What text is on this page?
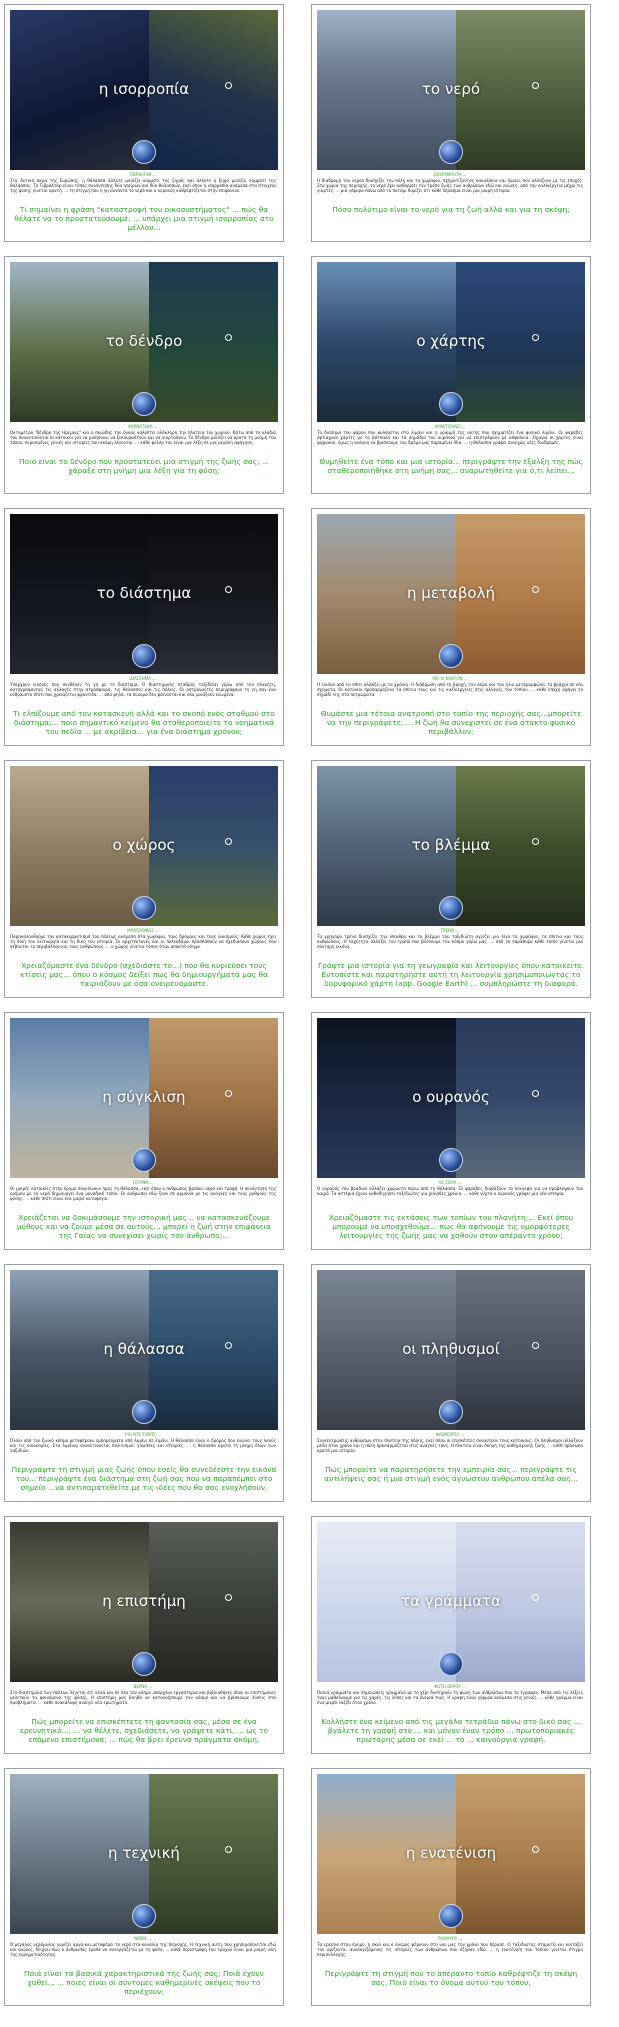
η ισορροπία
ΓΙΒΡΑΛΤΑΡ ...
Στα δυτικά άκρα της Ευρώπης, η θάλασσα άλλοτε μοιάζει κομμάτι της ξηράς και άλλοτε η ξηρά μοιάζει κομμάτι της θάλασσας. Το Γιβραλτάρ είναι τόπος συνάντησης δύο ηπείρων και δύο θαλασσών, εκεί όπου η ισορροπία ανάμεσα στα στοιχεία της φύσης γίνεται ορατή. ... τη στιγμή που η γη συναντά το νερό και ο ουρανός καθρεφτίζεται στην επιφάνεια.
Τι σημαίνει η φράση "καταστροφή του οικοσυστήματος" ... πώς θα θέλατε να το προστατεύσουμε; ... υπάρχει μια στιγμή ισορροπίας στο μέλλον...
το νερό
ΣΟΥΡΑΜΠΑΤΑ ...
Η διαδρομή του νερού διασχίζει την πόλη και τα χωράφια, σχηματίζοντας καναλάκια και λίμνες που αλλάζουν με τις εποχές. Στα χωριά της περιοχής, το νερό έχει καθορίσει τον τρόπο ζωής των ανθρώπων εδώ και αιώνες, από την καλλιέργεια μέχρι τις γιορτές. ... μια γέφυρα πάνω από το ποτάμι θυμίζει ότι κάθε πέρασμα είναι μια μικρή ιστορία.
Πόσο πολύτιμο είναι το νερό για τη ζωή αλλά και για τη σκέψη;
το δένδρο
ΚΑΡΝΑΤΑΚΑ ...
Οκταμέτρο "δένδρο της Ηρεμίας" και ο σκιώδης του όγκος καλύπτει ολόκληρη την πλατεία του χωριού. Κάτω από τα κλαδιά του συναντιούνται οι κάτοικοι για να μιλήσουν, να ξεκουραστούν και να γιορτάσουν. Το δένδρο μοιάζει να κρατά τη μνήμη του τόπου, περασμένες γενιές και ιστορίες που ακόμη λέγονται. ... κάθε φύλλο του είναι μια λέξη σε μια μεγάλη αφήγηση.
Ποιο είναι το δένδρο που προστατεύει μια στιγμή της ζωής σας; ... χάραξέ στη μνήμη μια λέξη για τη φύση;
ο χάρτης
ΑΡΦΕΤΙΣΑΝΟ ...
Το διάσημο του φάρου που φυλάγεται στο λιμάνι και η γραμμή της ακτής που σχηματίζει ένα φυσικό λιμάνι. Οι ψαράδες έφτιαχναν χάρτες με τα βότσαλα και τα σημάδια του ουρανού για να επιστρέψουν με ασφάλεια. Σήμερα οι χάρτες είναι ψηφιακοί, όμως η ανάγκη να βρίσκουμε τον δρόμο μας παραμένει ίδια. ... η θάλασσα γράφει συνεχώς νέες διαδρομές.
Θυμηθείτε ένα τόπο και μια ιστορία... περιγράψτε την έξαλξη της πώς σταθεροποιήθηκε στη μνήμη σας... αναρωτηθείτε για ό,τι λείπει...
το διάστημα
ΔΙΑΣΤΗΜΑ ...
Υπάρχουν εικόνες που συνδέουν τη γη με το διάστημα. Ο διαστημικός σταθμός ταξιδεύει γύρω από τον πλανήτη, καταγράφοντας τις αλλαγές στην ατμόσφαιρα, τις θάλασσες και τις πόλεις. Οι αστροναύτες περιγράφουν τη γη σαν ένα εύθραυστο σπίτι που χρειάζεται φροντίδα. ... από ψηλά, τα σύνορα δεν φαίνονται και όλα μοιάζουν ενωμένα.
Τι ελπίζουμε από τον κατασκευή αλλά και το σκοπό ενός σταθμού στο διάστημα;... ποιο σημαντικό κείμενο θα σταθεροποιείτε τα νοηματικά του πεδία ... με ακρίβεια... για ένα διάστημα χρόνου;
η μεταβολή
ΡΙΟ ΛΙ ΚΑΝΤΟΝ ...
Η εικόνα από το σπίτι αλλάζει με τα χρόνια. Η διάβρωση από τη βροχή, τον αέρα και τον ήλιο μεταμορφώνει τα βράχια σε νέα σχήματα. Οι κάτοικοι προσαρμόζουν τα σπίτια τους και τις καλλιέργειες στις αλλαγές του τοπίου. ... κάθε εποχή αφήνει το σημάδι της στα πετρώματα.
Θυμάστε μια τέτοια ανατροπή στο τοπίο της περιοχής σας...μπορείτε να την περιγράψετε; ... Η ζωή θα συνεχιστεί σε ένα άτακτο φυσικό περιβάλλον;
ο χώρος
ΜΑΧΟΡΟΦΩΣ ...
Παρακολουθούμε τον κατακερματισμό του πόλεως ανάμεσα στα χωράφια, τους δρόμους και τους οικισμούς. Κάθε χώρος έχει τη δική του λειτουργία και τη δική του ιστορία. Οι αρχιτέκτονες και οι πολεοδόμοι προσπαθούν να σχεδιάσουν χώρους που σέβονται το περιβάλλον και τους ανθρώπους. ... ο χώρος γίνεται τόπος όταν αποκτά νόημα.
Χρειαζόμαστε ένα δένδρο (σχεδιάστε το...) που θα κυριεύσει τους κτίσεις μας... όπου ο κόσμος δείξει πως θα δημιουργήματά μας θα ταιριάζουν με όσα ονειρευόμαστε.
το βλέμμα
ΤΡΕΝΟ ...
Το γρήγορο τρένο διασχίζει την ύπαιθρο και το βλέμμα του ταξιδιώτη αγγίζει για λίγο τα χωράφια, τα σπίτια και τους ανθρώπους. Η ταχύτητα αλλάζει τον τρόπο που βλέπουμε τον κόσμο γύρω μας. ... από το παράθυρο κάθε τοπίο γίνεται μια σύντομη εικόνα.
Γράψτε μια ιστορία για τη γεωγραφία και λειτουργίες όπου κατοικείτε. Εντοπίστε και παρατηρήστε αυτή τη λειτουργία χρησιμοποιώντας το δορυφορικό χάρτη (app. Google Earth) ... συμπληρώστε τη διαφορά.
η σύγκλιση
ΣΟΥΡΦΑ ...
Οι μικρές κατοικίες στην έρημο συγκλίνουν προς τη θάλασσα, εκεί όπου ο άνθρωπος βρίσκει νερό και τροφή. Η συνάντηση της ερήμου με το νερό δημιουργεί ένα μοναδικό τοπίο. Οι άνθρωποι εδώ ζουν σε αρμονία με τις ανάγκες και τους ρυθμούς της φύσης. ... κάθε σπίτι είναι ένα μικρό καταφύγιο.
Χρειάζεται να δοκιμάσουμε την ιστορική μας... να κατασκευάζουμε μύθους και να ζούμε μέσα σε αυτούς... μπορεί η ζωή στην επιφάνεια της Γαίας να συνεχίσει χωρίς τον άνθρωπο;...
ο ουρανός
ΑΛ ΣΟΛΑ ...
Ο ουρανός του βραδιού αλλάζει χρώματα πάνω από τη θάλασσα. Οι ψαράδες διαβάζουν τα σύννεφα για να προβλέψουν τον καιρό. Τα αστέρια έχουν καθοδηγήσει ταξιδιώτες για χιλιάδες χρόνια. ... κάθε νύχτα ο ουρανός γράφει μια νέα ιστορία.
Χρειαζόμαστε τις εκτάσεις των τοπίων του πλανήτη;... Εκεί όπου μπορούμε να υποσχεθούμε... πως θα αφήνουμε τις ομορφότερες λειτουργίες της ζωής μας να χαθούν στον απέραντο χρόνο;
η θάλασσα
ΡΙΟ ΝΤΕ ΤΟΝΤΕ ...
Πλοία από τον ζωικό κόσμο μεταφέρουν εμπορεύματα από λιμάνι σε λιμάνι. Η θάλασσα είναι ο δρόμος που ενώνει τους λαούς και τις οικονομίες. Στα λιμάνια συναντιούνται πολιτισμοί, γλώσσες και ιστορίες. ... η θάλασσα κρατά τη μνήμη όλων των ταξιδιών.
Περιγράψτε τη στιγμή μιας ζωής όπου εσείς θα συνεδέεστε την εικόνα του... περιγράψτε ένα διάστημα στη ζωή σας που να παραπέμπει στο σημείο ...να αντιπαρατεθείτε με τις ιδέες που θα σας ενοχλήσουν.
οι πληθυσμοί
ΦΛΩΡΕΝΤΙΑ ...
Συγκεντρώσεις ανθρώπων στην πλατεία της πόλης, εκεί όπου οι επισκέπτες συναντούν τους κατοίκους. Οι πληθυσμοί αλλάζουν μέσα στον χρόνο και η πόλη προσαρμόζεται στις ανάγκες τους. Η πλατεία είναι σκηνή της καθημερινής ζωής. ... κάθε πρόσωπο κρατά μια ιστορία.
Πώς μπορείτε να παρατηρήσετε την εμπειρία σας... περιγράψτε τις αντιλήψεις σας ή μια στιγμή ενός άγνωστου ανθρώπου απέλα σας...
η επιστήμη
ΒΕΡΝΗ ...
Στο διαστημικό των πόλεων λέγεται ότι αλλά και σε όλο τον κόσμο υπάρχουν εργαστήρια και βιβλιοθήκες όπου οι επιστήμονες μελετούν τα φαινόμενα της φύσης. Η επιστήμη μας βοηθά να κατανοήσουμε τον κόσμο και να βρίσκουμε λύσεις στα προβλήματα. ... κάθε ανακάλυψη ανοίγει νέα ερωτήματα.
Πώς μπορείτε να επισκέπτετε τη φαντασία σας, μέσα σε ένα ερευνητικό...; ... να θέλετε, σχεδιάσετε, να γράψετε κάτι, ... ως το επόμενο επιστήμονα; ... πώς θα βρει έρευνα πράγματα ακόμη;
τα γράμματα
ΦΩΤΟ ΘΕΡΟΥ ...
Παλιά γράμματα και σημειώσεις γραμμένα με το χέρι διατηρούν τη φωνή των ανθρώπων που τα έγραψαν. Μέσα από τις λέξεις τους μαθαίνουμε για τις χαρές, τις λύπες και τα όνειρά τους. Η γραφή είναι γέφυρα ανάμεσα στις γενιές. ... κάθε γράμμα είναι ένα μικρό ταξίδι στον χρόνο.
Κολλήστε ένα κείμενο από τις μεγάλα τετράδιο πάνω στο δικό σας ... βγάλετε τη γραφή στο ... και μόνον έναν τρόπο ... πρωτοποριακές πρωτάρης μέσα σε εκεί ... το ... καινούργια γραφή.
η τεχνική
ΝΑΙΒΑ ...
Ο μεγάλος νερόμυλος γυρίζει αργά και μεταφέρει το νερό στα κανάλια της περιοχής. Η τεχνική αυτή, που χρησιμοποιείται εδώ και αιώνες, δείχνει πώς ο άνθρωπος έμαθε να συνεργάζεται με τη φύση. ... κάθε περιστροφή του τροχού είναι μια μικρή νίκη της ευρηματικότητας.
Ποιά είναι τα βασικά χαρακτηριστικά της ζωής σας; Ποιά έχουν χαθεί... ... ποιες είναι οι σύντομες καθημερινές σκέψεις που το περιέχουν;
η ενατένιση
ΠΑΛΜΥΡΑ ...
Τα ερείπια στην έρημο, η σκιά και ο άνεμος φέρνουν στο νου μας τον χρόνο που πέρασε. Ο ταξιδιώτης σταματά και κοιτάζει τον ορίζοντα, αναλογιζόμενος τις ιστορίες των ανθρώπων που έζησαν εδώ. ... η ενατένιση του τοπίου γίνεται στιγμή περισυλλογής.
Περιγράψτε τη στιγμή που το απέραντο τοπίο καθρέφτιζε τη σκέψη σας. Ποιό είναι το όνομα αυτού του τόπου;
